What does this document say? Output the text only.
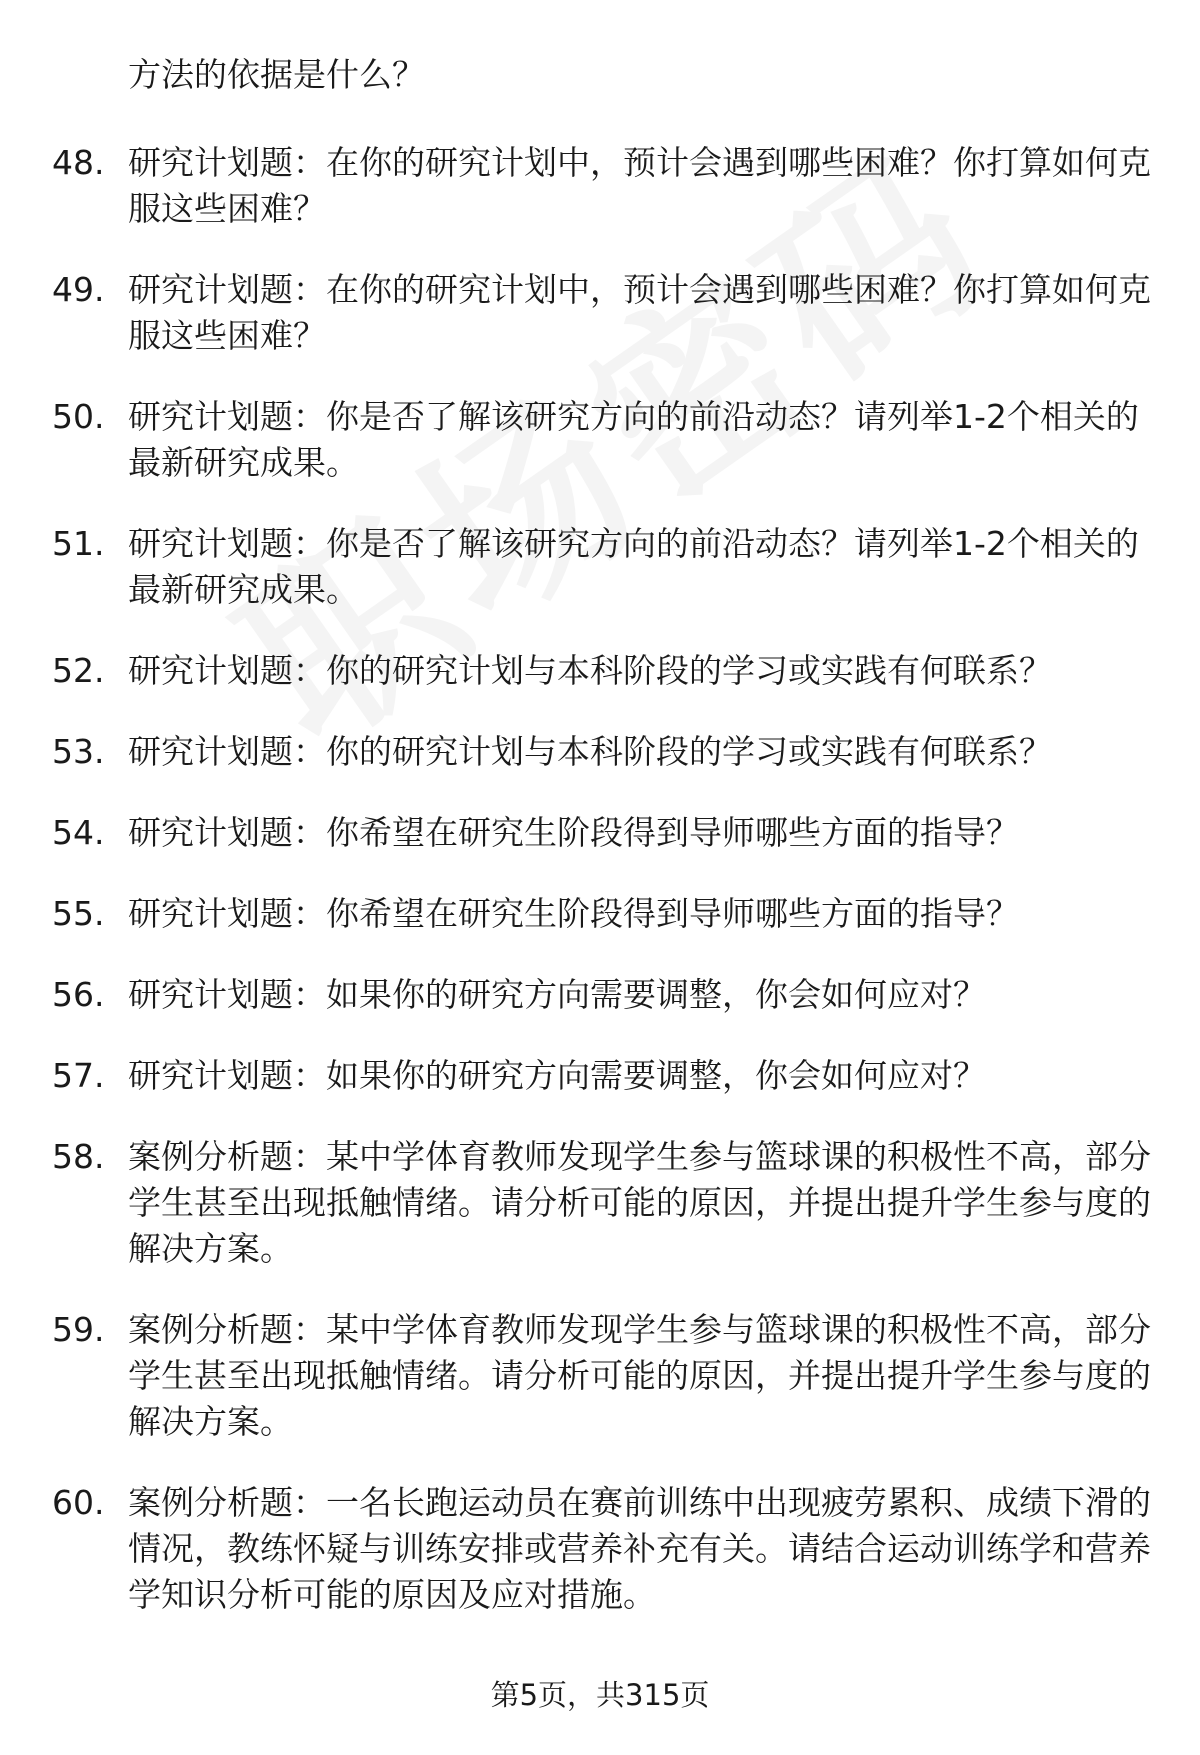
方法的依据是什么？
48. 研究计划题：在你的研究计划中，预计会遇到哪些困难？你打算如何克服这些困难？
49. 研究计划题：在你的研究计划中，预计会遇到哪些困难？你打算如何克服这些困难？
50. 研究计划题：你是否了解该研究方向的前沿动态？请列举1-2个相关的最新研究成果。
51. 研究计划题：你是否了解该研究方向的前沿动态？请列举1-2个相关的最新研究成果。
52. 研究计划题：你的研究计划与本科阶段的学习或实践有何联系？
53. 研究计划题：你的研究计划与本科阶段的学习或实践有何联系？
54. 研究计划题：你希望在研究生阶段得到导师哪些方面的指导？
55. 研究计划题：你希望在研究生阶段得到导师哪些方面的指导？
56. 研究计划题：如果你的研究方向需要调整，你会如何应对？
57. 研究计划题：如果你的研究方向需要调整，你会如何应对？
58. 案例分析题：某中学体育教师发现学生参与篮球课的积极性不高，部分学生甚至出现抵触情绪。请分析可能的原因，并提出提升学生参与度的解决方案。
59. 案例分析题：某中学体育教师发现学生参与篮球课的积极性不高，部分学生甚至出现抵触情绪。请分析可能的原因，并提出提升学生参与度的解决方案。
60. 案例分析题：一名长跑运动员在赛前训练中出现疲劳累积、成绩下滑的情况，教练怀疑与训练安排或营养补充有关。请结合运动训练学和营养学知识分析可能的原因及应对措施。
第5页，共315页
